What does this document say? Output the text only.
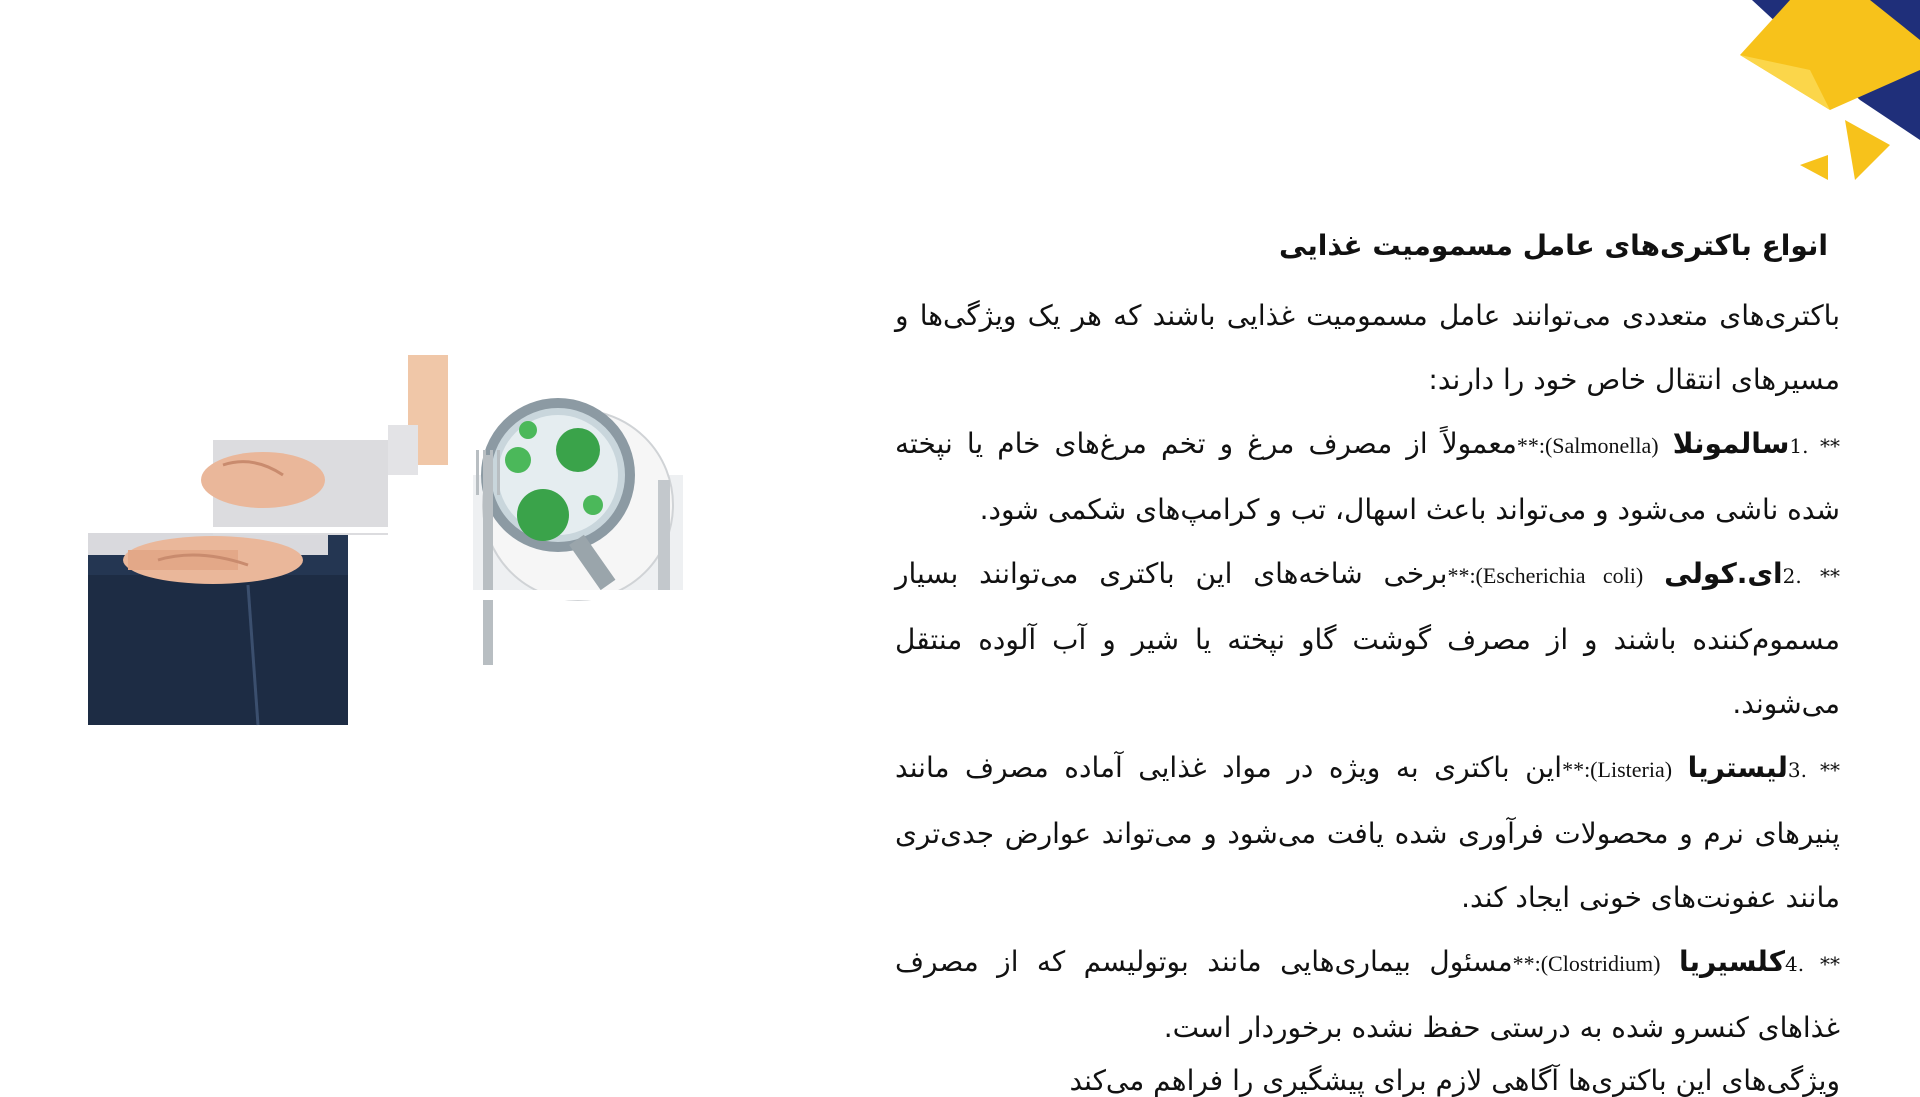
انواع باکتری‌های عامل مسمومیت غذایی

باکتری‌های متعددی می‌توانند عامل مسمومیت غذایی باشند که هر یک ویژگی‌ها و مسیرهای انتقال خاص خود را دارند:

** .1سالمونلا (Salmonella):**معمولاً از مصرف مرغ و تخم مرغ‌های خام یا نپخته شده ناشی می‌شود و می‌تواند باعث اسهال، تب و کرامپ‌های شکمی شود.

** .2ای.کولی (Escherichia coli):**برخی شاخه‌های این باکتری می‌توانند بسیار مسموم‌کننده باشند و از مصرف گوشت گاو نپخته یا شیر و آب آلوده منتقل می‌شوند.

** .3لیستریا (Listeria):**این باکتری به ویژه در مواد غذایی آماده مصرف مانند پنیرهای نرم و محصولات فرآوری شده یافت می‌شود و می‌تواند عوارض جدی‌تری مانند عفونت‌های خونی ایجاد کند.

** .4کلسیریا (Clostridium):**مسئول بیماری‌هایی مانند بوتولیسم که از مصرف غذاهای کنسرو شده به درستی حفظ نشده برخوردار است.

ویژگی‌های این باکتری‌ها آگاهی لازم برای پیشگیری را فراهم می‌کند
